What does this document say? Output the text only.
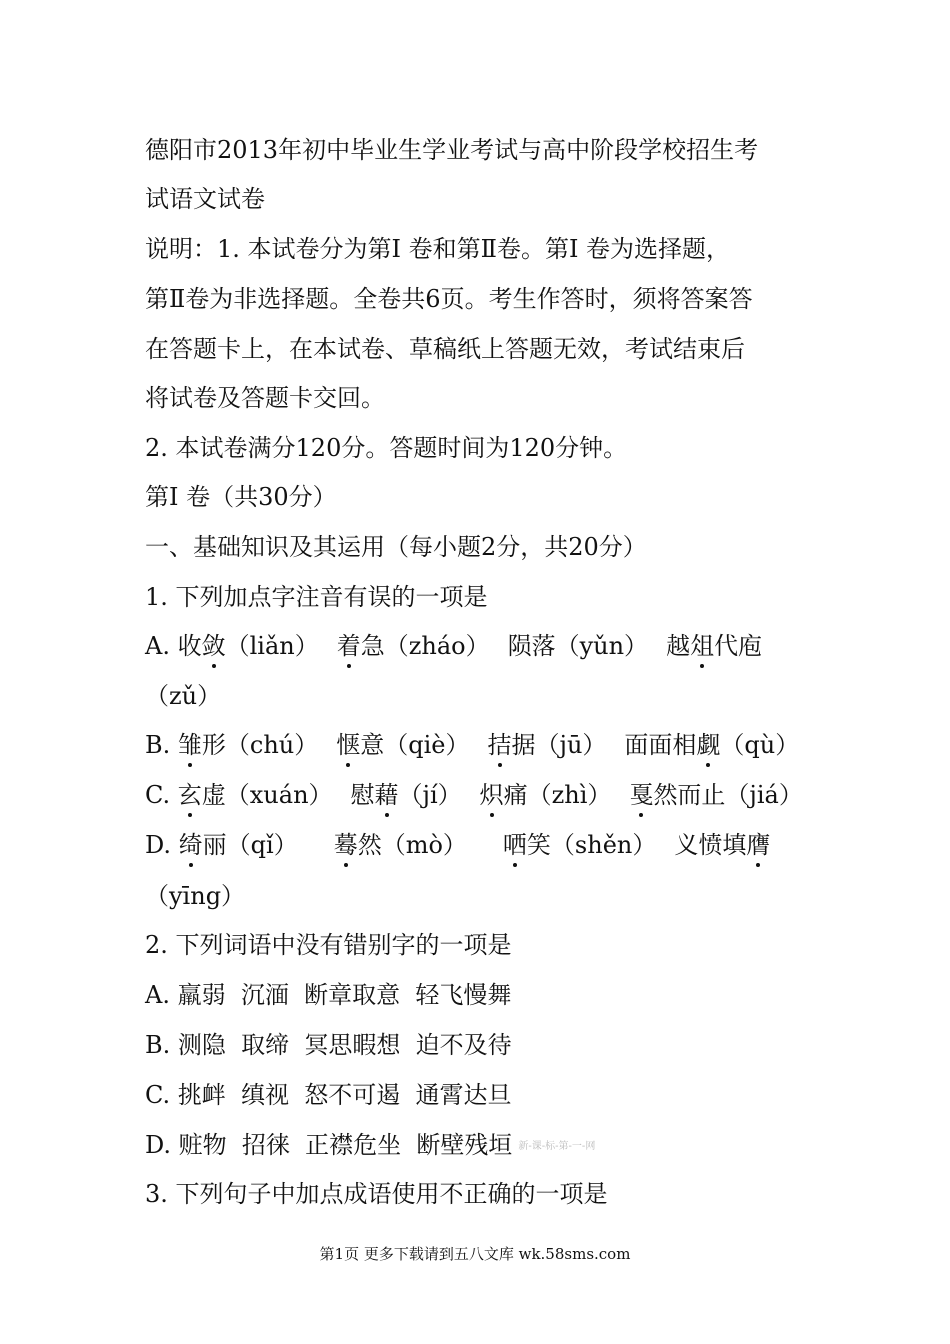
德阳市2013年初中毕业生学业考试与高中阶段学校招生考
试语文试卷
说明：1. 本试卷分为第Ⅰ 卷和第Ⅱ卷。第Ⅰ 卷为选择题，
第Ⅱ卷为非选择题。全卷共6页。考生作答时，须将答案答
在答题卡上，在本试卷、草稿纸上答题无效，考试结束后
将试卷及答题卡交回。
2. 本试卷满分120分。答题时间为120分钟。
第Ⅰ 卷（共30分）
一、基础知识及其运用（每小题2分，共20分）
1. 下列加点字注音有误的一项是
A. 收敛（liǎn） 着急（zháo） 陨落（yǔn） 越俎代庖
（zǔ）
B. 雏形（chú） 惬意（qiè） 拮据（jū） 面面相觑（qù）
C. 玄虚（xuán） 慰藉（jí） 炽痛（zhì） 戛然而止（jiá）
D. 绮丽（qǐ） 蓦然（mò） 哂笑（shěn） 义愤填膺
（yīng）
2. 下列词语中没有错别字的一项是
A. 羸弱  沉湎  断章取意  轻飞慢舞
B. 测隐  取缔  冥思暇想  迫不及待
C. 挑衅  缜视  怒不可遏  通霄达旦
D. 赃物  招徕  正襟危坐  断壁残垣 新-课-标-第-一-网
3. 下列句子中加点成语使用不正确的一项是
第1页 更多下载请到五八文库 wk.58sms.com
